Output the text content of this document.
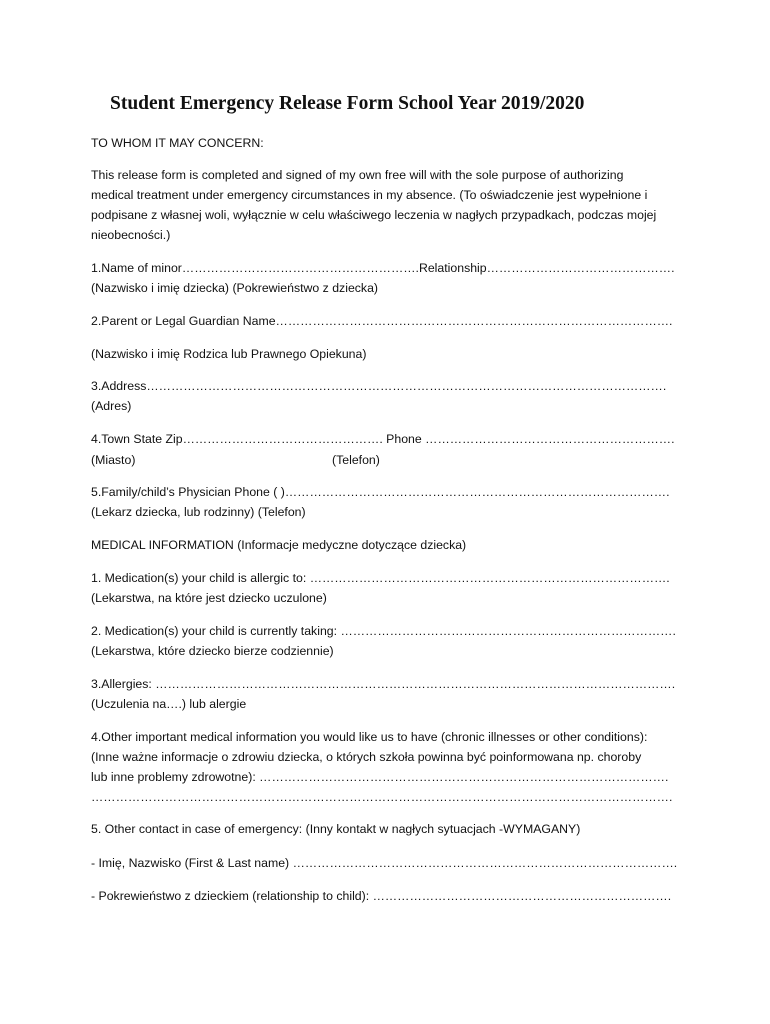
Student Emergency Release Form School Year 2019/2020
TO WHOM IT MAY CONCERN:
This release form is completed and signed of my own free will with the sole purpose of authorizing
medical treatment under emergency circumstances in my absence. (To oświadczenie jest wypełnione i
podpisane z własnej woli, wyłącznie w celu właściwego leczenia w nagłych przypadkach, podczas mojej
nieobecności.)
1.Name of minor………………………………………………….Relationship……………………………………….
(Nazwisko i imię dziecka) (Pokrewieństwo z dziecka)
2.Parent or Legal Guardian Name…………………………………………………………………………………….
(Nazwisko i imię Rodzica lub Prawnego Opiekuna)
3.Address……………………………………………………………………………………………………………….
(Adres)
4.Town State Zip…………………………………………. Phone …………………………………………………….
(Miasto)	(Telefon)
5.Family/child’s Physician Phone ( )………………………………………………………………………………….
(Lekarz dziecka, lub rodzinny) (Telefon)
MEDICAL INFORMATION (Informacje medyczne dotyczące dziecka)
1. Medication(s) your child is allergic to: …………………………………………………………………………….
(Lekarstwa, na które jest dziecko uczulone)
2. Medication(s) your child is currently taking: ……………………………………………………………………….
(Lekarstwa, które dziecko bierze codziennie)
3.Allergies: ……………………………………………………………………………………………………………….
(Uczulenia na….) lub alergie
4.Other important medical information you would like us to have (chronic illnesses or other conditions):
(Inne ważne informacje o zdrowiu dziecka, o których szkoła powinna być poinformowana np. choroby
lub inne problemy zdrowotne): ……………………………………………………………………………………….
…………………………………………………………………………………………………………………………….
5. Other contact in case of emergency: (Inny kontakt w nagłych sytuacjach -WYMAGANY)
- Imię, Nazwisko (First & Last name) ………………………………………………………………………………….
- Pokrewieństwo z dzieckiem (relationship to child): ……………………………………………………………….
